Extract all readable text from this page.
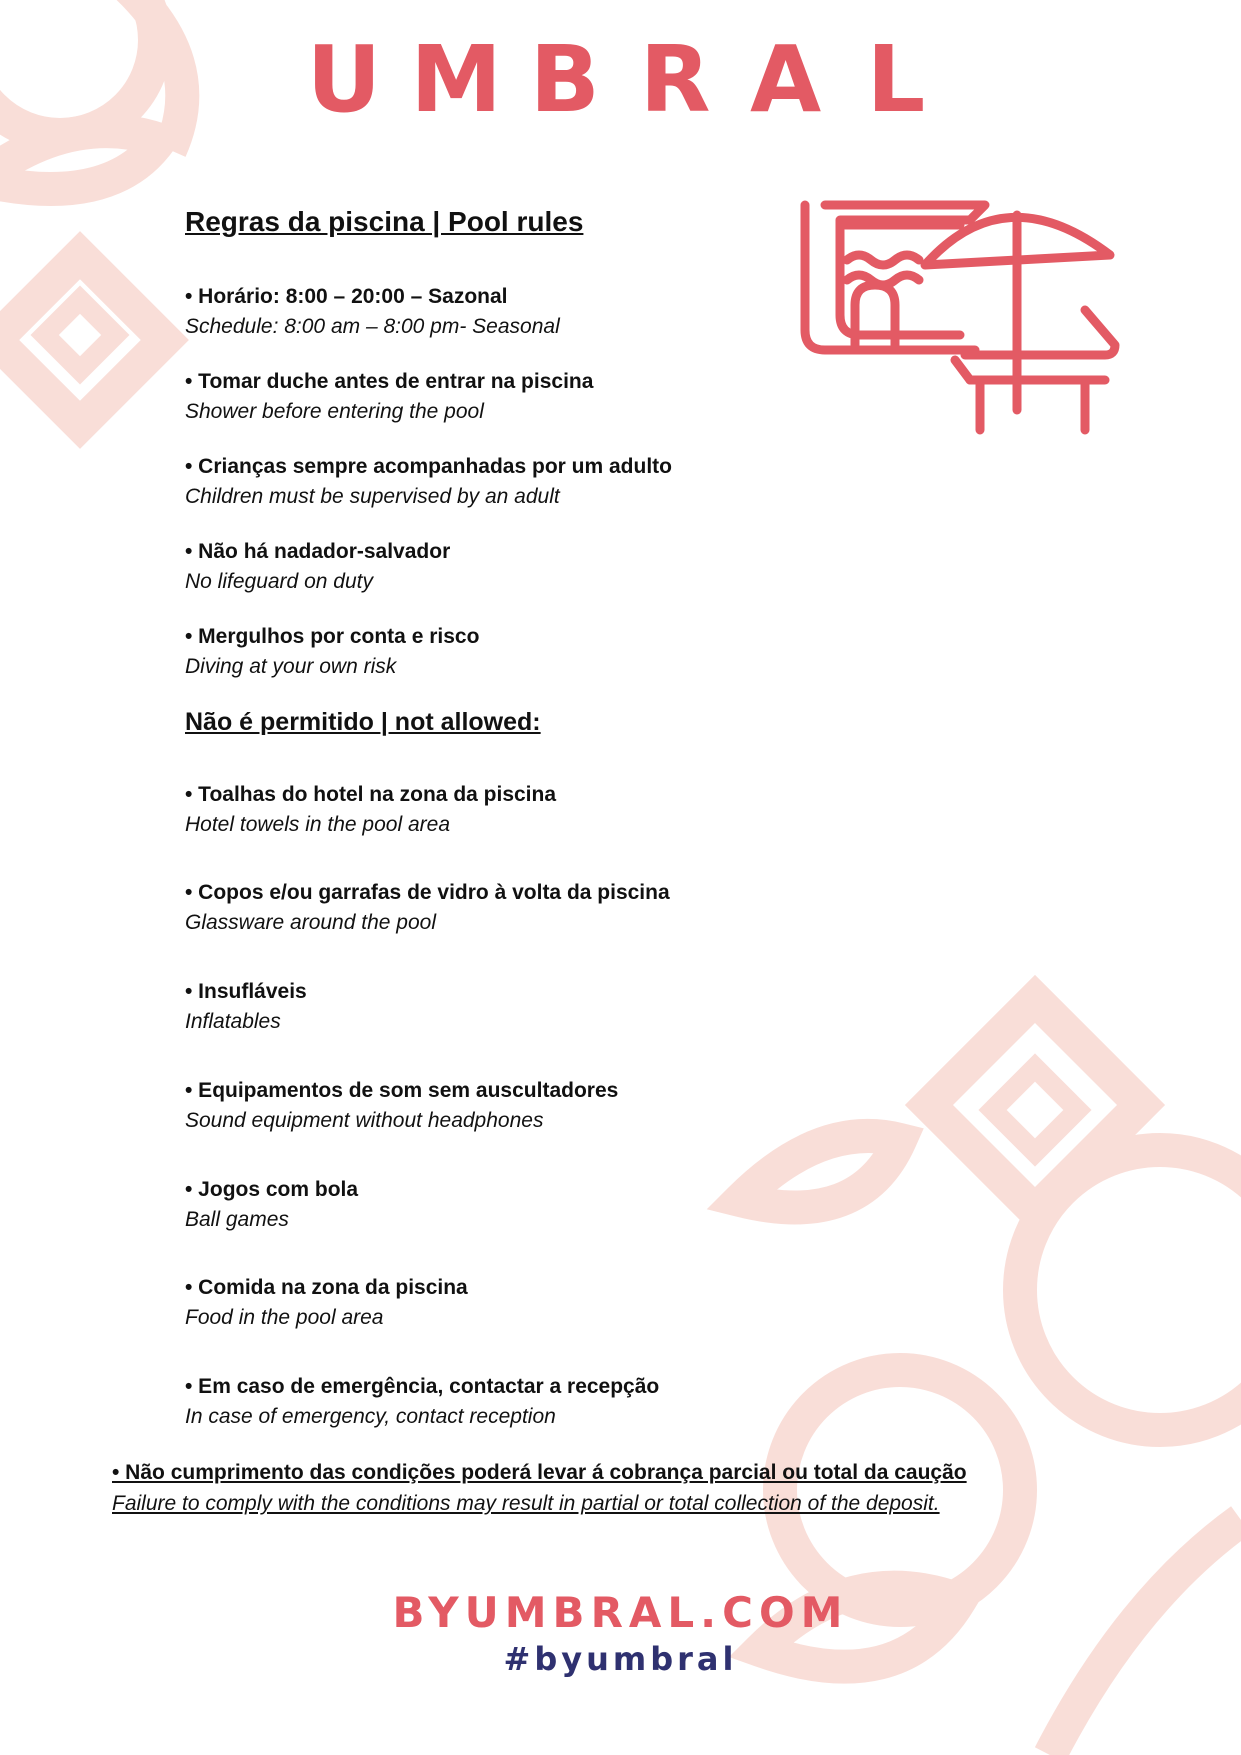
U M B R A L
Regras da piscina | Pool rules
• Horário: 8:00 – 20:00 – Sazonal
Schedule: 8:00 am – 8:00 pm- Seasonal
• Tomar duche antes de entrar na piscina
Shower before entering the pool
• Crianças sempre acompanhadas por um adulto
Children must be supervised by an adult
• Não há nadador-salvador
No lifeguard on duty
• Mergulhos por conta e risco
Diving at your own risk
Não é permitido | not allowed:
• Toalhas do hotel na zona da piscina
Hotel towels in the pool area
• Copos e/ou garrafas de vidro à volta da piscina
Glassware around the pool
• Insufláveis
Inflatables
• Equipamentos de som sem auscultadores
Sound equipment without headphones
• Jogos com bola
Ball games
• Comida na zona da piscina
Food in the pool area
• Em caso de emergência, contactar a recepção
In case of emergency, contact reception
• Não cumprimento das condições poderá levar á cobrança parcial ou total da caução
Failure to comply with the conditions may result in partial or total collection of the deposit.
BYUMBRAL.COM
#byumbral
